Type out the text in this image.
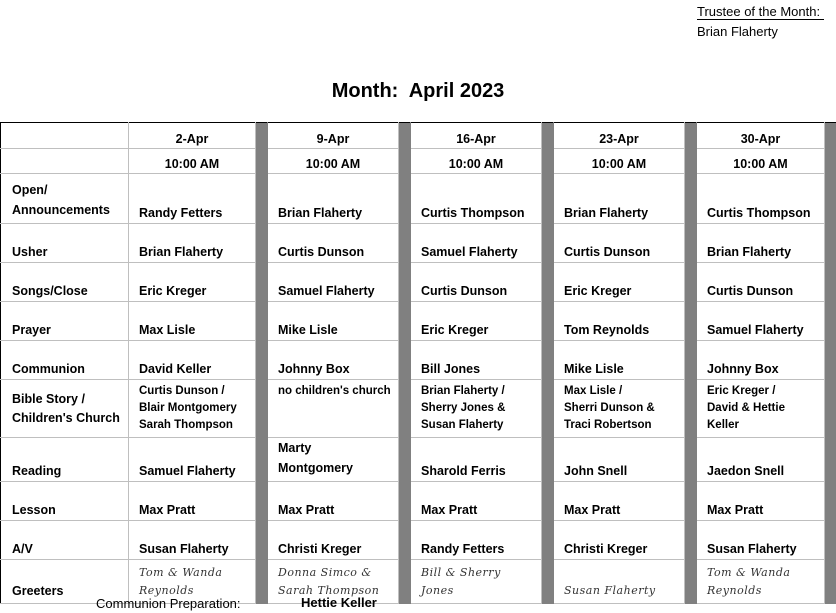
Trustee of the Month:
Brian Flaherty
Month: April 2023
	2-Apr		9-Apr		16-Apr		23-Apr		30-Apr	
	10:00 AM		10:00 AM		10:00 AM		10:00 AM		10:00 AM	

Open/
Announcements	Randy Fetters		Brian Flaherty		Curtis Thompson		Brian Flaherty		Curtis Thompson	
Usher	Brian Flaherty		Curtis Dunson		Samuel Flaherty		Curtis Dunson		Brian Flaherty	
Songs/Close	Eric Kreger		Samuel Flaherty		Curtis Dunson		Eric Kreger		Curtis Dunson	
Prayer	Max Lisle		Mike Lisle		Eric Kreger		Tom Reynolds		Samuel Flaherty	
Communion	David Keller		Johnny Box		Bill Jones		Mike Lisle		Johnny Box	

Bible Story /
Children's Church	Curtis Dunson /
Blair Montgomery
Sarah Thompson		no children's church		Brian Flaherty /
Sherry Jones &
Susan Flaherty		Max Lisle /
Sherri Dunson &
Traci Robertson		Eric Kreger /
David & Hettie
Keller	

Reading	Samuel Flaherty		Marty
Montgomery		Sharold Ferris		John Snell		Jaedon Snell	
Lesson	Max Pratt		Max Pratt		Max Pratt		Max Pratt		Max Pratt	
A/V	Susan Flaherty		Christi Kreger		Randy Fetters		Christi Kreger		Susan Flaherty	
Greeters	Tom & Wanda
Reynolds		Donna Simco &
Sarah Thompson		Bill & Sherry
Jones		Susan Flaherty		Tom & Wanda
Reynolds	

Communion Preparation:	Hettie Keller
